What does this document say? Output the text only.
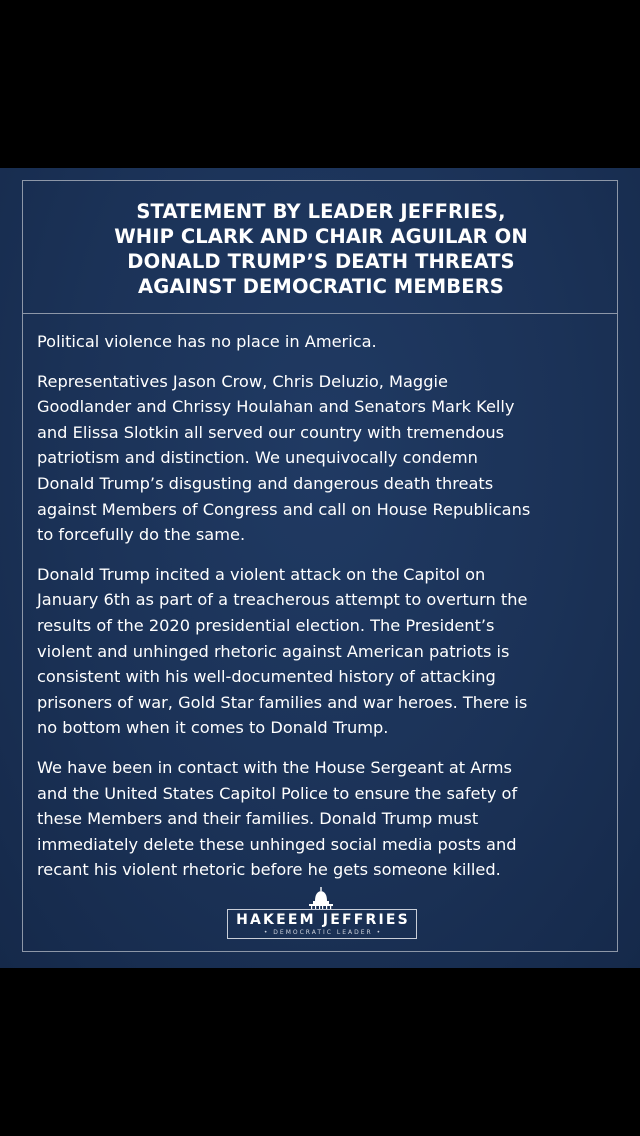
STATEMENT BY LEADER JEFFRIES,
WHIP CLARK AND CHAIR AGUILAR ON
DONALD TRUMP’S DEATH THREATS
AGAINST DEMOCRATIC MEMBERS

Political violence has no place in America.

Representatives Jason Crow, Chris Deluzio, Maggie
Goodlander and Chrissy Houlahan and Senators Mark Kelly
and Elissa Slotkin all served our country with tremendous
patriotism and distinction. We unequivocally condemn
Donald Trump’s disgusting and dangerous death threats
against Members of Congress and call on House Republicans
to forcefully do the same.

Donald Trump incited a violent attack on the Capitol on
January 6th as part of a treacherous attempt to overturn the
results of the 2020 presidential election. The President’s
violent and unhinged rhetoric against American patriots is
consistent with his well-documented history of attacking
prisoners of war, Gold Star families and war heroes. There is
no bottom when it comes to Donald Trump.

We have been in contact with the House Sergeant at Arms
and the United States Capitol Police to ensure the safety of
these Members and their families. Donald Trump must
immediately delete these unhinged social media posts and
recant his violent rhetoric before he gets someone killed.

HAKEEM JEFFRIES
• DEMOCRATIC LEADER •
